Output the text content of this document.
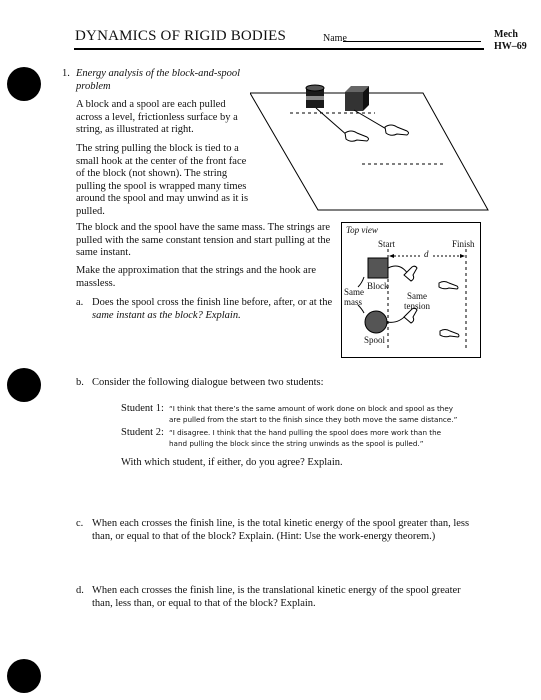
DYNAMICS OF RIGID BODIES	Name	Mech
HW–69
1. Energy analysis of the block-and-spool
problem
A block and a spool are each pulled
across a level, frictionless surface by a
string, as illustrated at right.
The string pulling the block is tied to a
small hook at the center of the front face
of the block (not shown). The string
pulling the spool is wrapped many times
around the spool and may unwind as it is
pulled.
The block and the spool have the same mass. The strings are
pulled with the same constant tension and start pulling at the
same instant.
Make the approximation that the strings and the hook are
massless.
a. Does the spool cross the finish line before, after, or at the
same instant as the block? Explain.
Top view
Start	Finish
d
Block
Same
mass
Same
tension
Spool
b. Consider the following dialogue between two students:
Student 1: “I think that there’s the same amount of work done on block and spool as they
are pulled from the start to the finish since they both move the same distance.”
Student 2: “I disagree. I think that the hand pulling the spool does more work than the
hand pulling the block since the string unwinds as the spool is pulled.”
With which student, if either, do you agree? Explain.
c. When each crosses the finish line, is the total kinetic energy of the spool greater than, less
than, or equal to that of the block? Explain. (Hint: Use the work-energy theorem.)
d. When each crosses the finish line, is the translational kinetic energy of the spool greater
than, less than, or equal to that of the block? Explain.
